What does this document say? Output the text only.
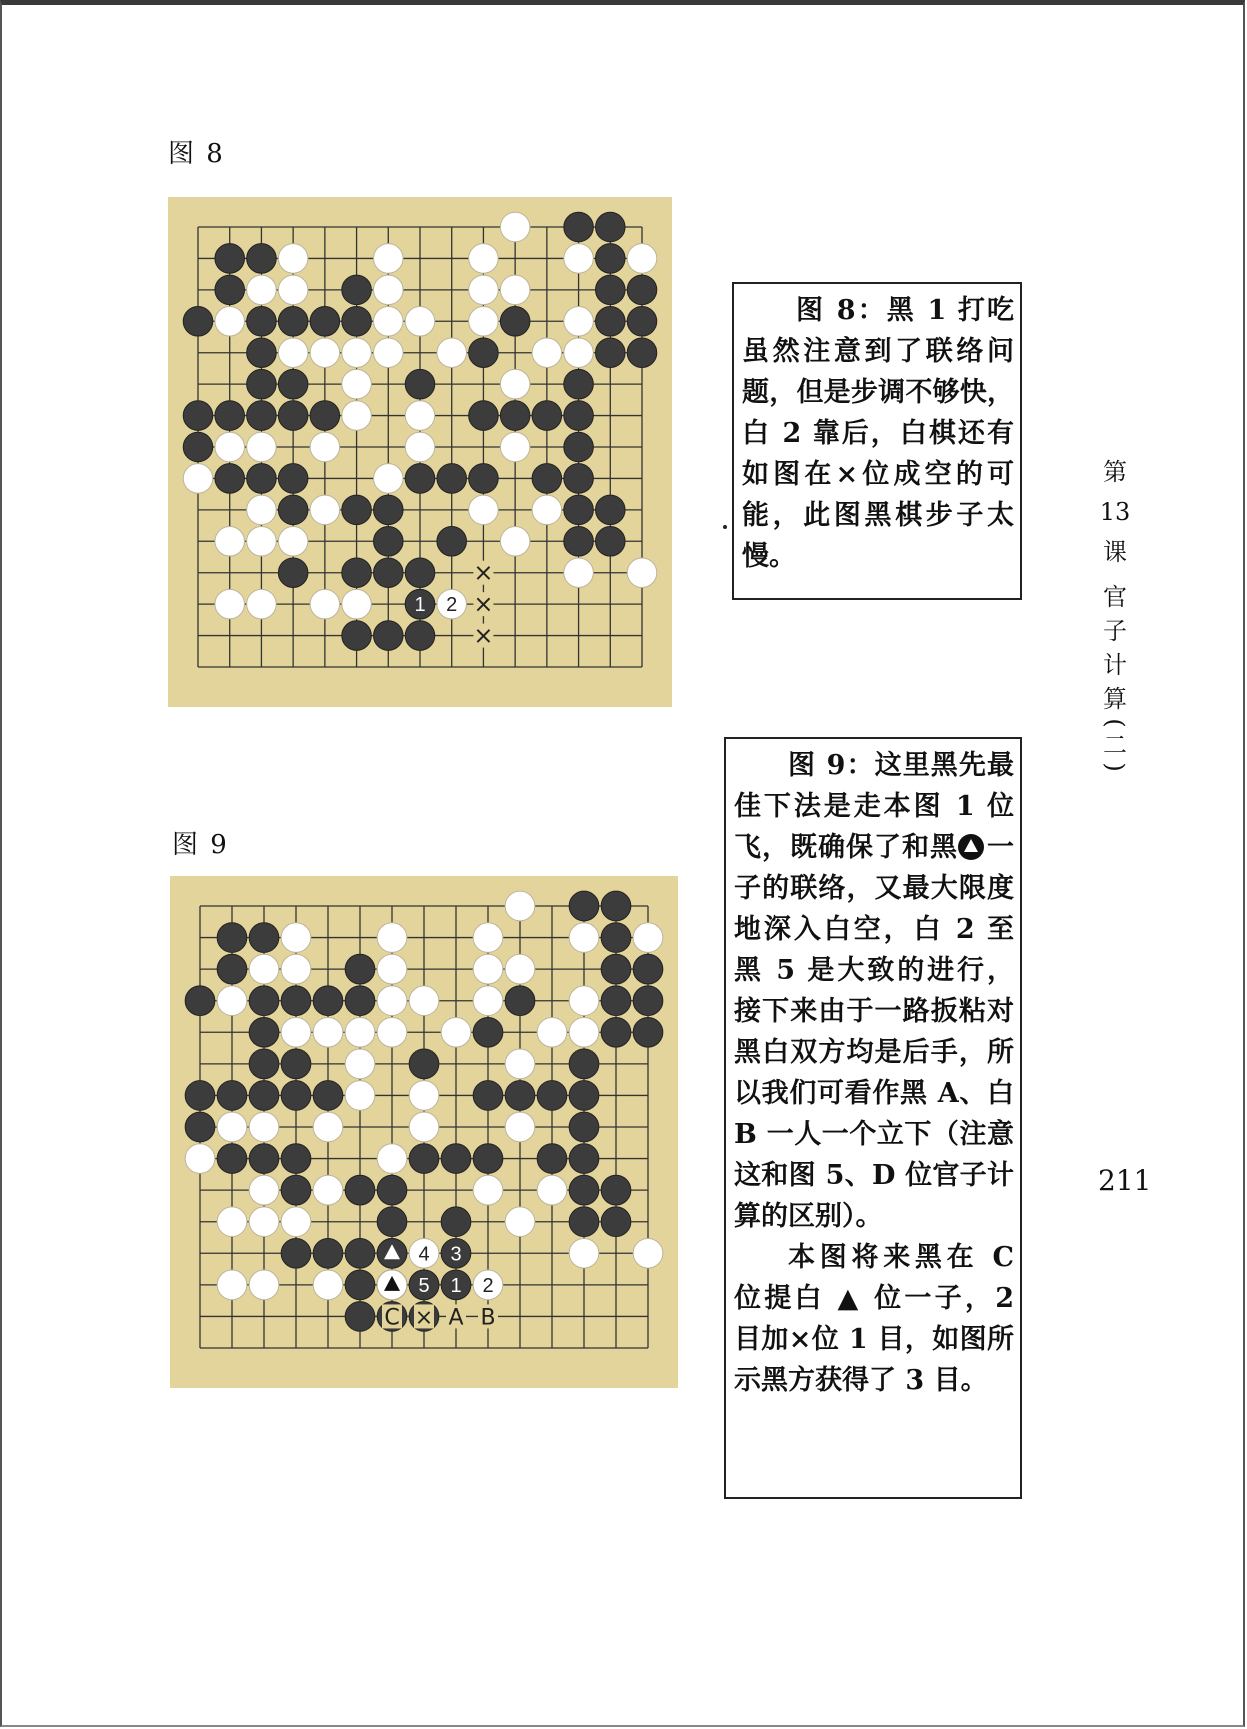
图 8
1 2
×
×
×

图 8：黑 1 打吃虽然注意到了联络问题，但是步调不够快，白 2 靠后，白棋还有如图在×位成空的可能，此图黑棋步子太慢。

图 9
4 3
5 1 2
C × A B

图 9：这里黑先最佳下法是走本图 1 位飞，既确保了和黑 一子的联络，又最大限度地深入白空，白 2 至黑 5 是大致的进行，接下来由于一路扳粘对黑白双方均是后手，所以我们可看作黑 A、白 B 一人一个立下（注意这和图 5、D 位官子计算的区别）。

本图将来黑在 C 位提白 ▲ 位一子，2 目加×位 1 目，如图所示黑方获得了 3 目。

第
13
课
官
子
计
算
(
二
)
211
